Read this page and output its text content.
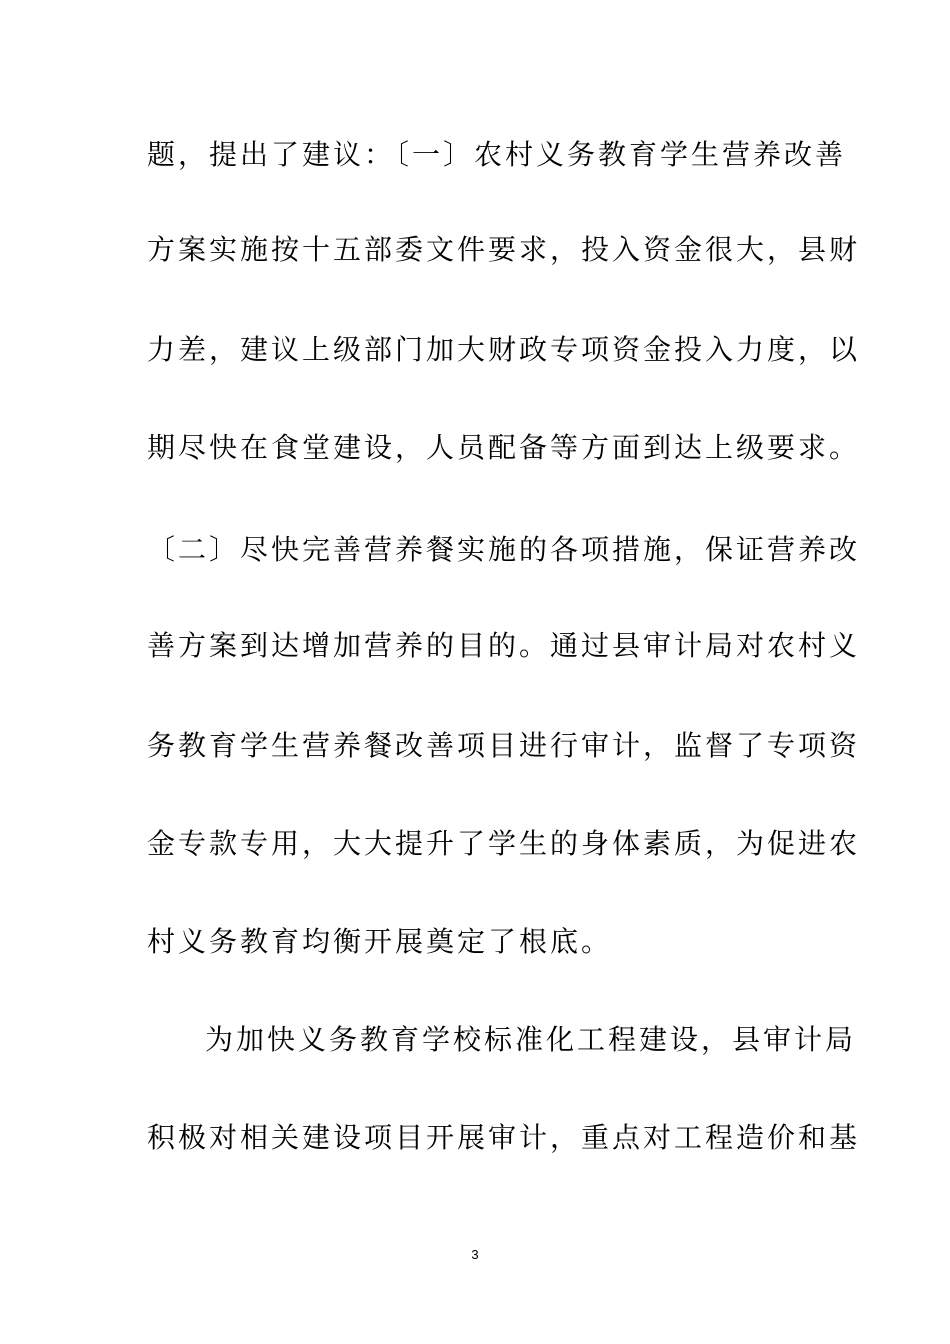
题，提出了建议：〔一〕农村义务教育学生营养改善
方案实施按十五部委文件要求，投入资金很大，县财
力差，建议上级部门加大财政专项资金投入力度，以
期尽快在食堂建设，人员配备等方面到达上级要求。
〔二〕尽快完善营养餐实施的各项措施，保证营养改
善方案到达增加营养的目的。通过县审计局对农村义
务教育学生营养餐改善项目进行审计，监督了专项资
金专款专用，大大提升了学生的身体素质，为促进农
村义务教育均衡开展奠定了根底。
为加快义务教育学校标准化工程建设，县审计局
积极对相关建设项目开展审计，重点对工程造价和基
3
